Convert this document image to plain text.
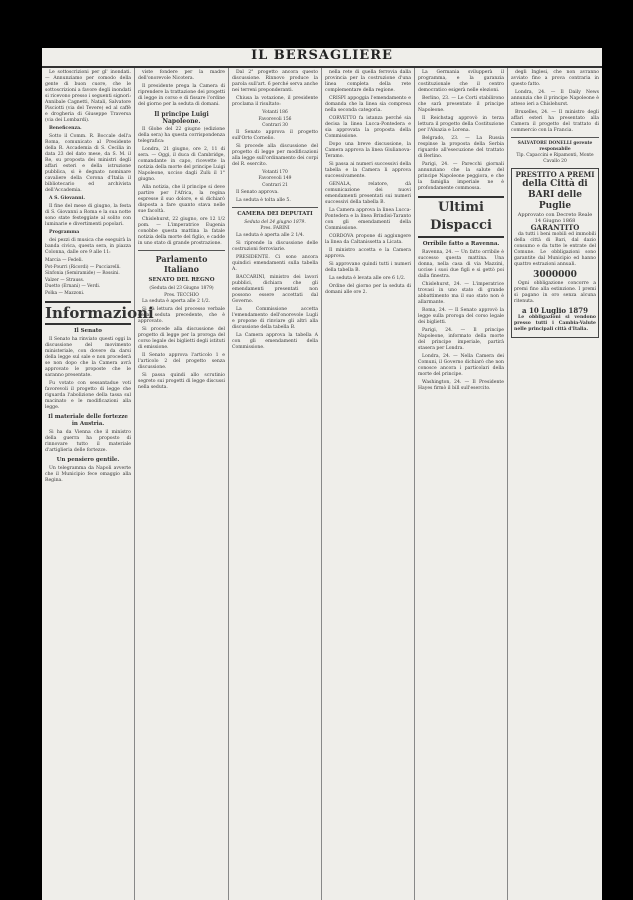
IL BERSAGLIERE

Le sottoscrizioni per gl' inondati. — Annunziamo per comodo della gente di buon cuore, che le sottoscrizioni a favore degli inondati si ricevono presso i seguenti signori: Annibale Cagnetti, Natali, Salvatore Pisciotti (via del Tevere) ed al caffè e drogheria di Giuseppe Traversa (via dei Lombardi).

Beneficenza.

Sotto il Comm. R. Boccale dell'a Roma, comunicato al Presidente della R. Accademia di S. Cecilia in data 23 del dato mese, da S. M. il Re, su proposta dei ministri degli affari esteri e della istruzione pubblica, si è degnato nominare cavaliere della Corona d'Italia il bibliotecario ed archivista dell'Accademia.

A S. Giovanni.

Il fine del mese di giugno, la festa di S. Giovanni a Roma e la sua notte sono state festeggiate al solito con luminarie e divertimenti popolari.

Programma

dei pezzi di musica che eseguirà la banda civica, questa sera, in piazza Colonna, dalle ore 9 alle 11:

Marcia — Fedeli.
Pot-Pourri (Ricordi) — Pucciarelli.
Sinfonia (Semiramide) — Rossini.
Valzer — Strauss.
Duetto (Ernani) — Verdi.
Polka — Mazzoni.
Informazioni
Il Senato

Il Senato ha rinviato questi oggi la discussione del movimento ministeriale, con dovere da darsi della legge sul sale e non procederà se non dopo che la Camera avrà approvato le proposte che le saranno presentate.

Fu votato con sessantadue voti favorevoli il progetto di legge che riguarda l'abolizione della tassa sul macinato e le modificazioni alla legge.

Il materiale delle fortezze in Austria.

Si ha da Vienna che il ministro della guerra ha proposto di rinnovare tutto il materiale d'artiglieria delle fortezze.

Un pensiero gentile.

Un telegramma da Napoli avverte che il Municipio fece omaggio alla Regina.

viste fondere per la madre dell'onorevole Nicotera.

Il presidente prega la Camera di riprendere la trattazione dei progetti di legge in corso e di fissare l'ordine del giorno per la seduta di domani.

Il principe Luigi Napoleone.

Il Globe del 22 giugno (edizione della sera) ha questa corrispondenza telegrafica:

Londra, 21 giugno, ore 2, 11 di sera. — Oggi, il duca di Cambridge, comandante in capo, ricevette la notizia della morte del principe Luigi Napoleone, ucciso dagli Zulù il 1° giugno.

Alla notizia, che il principe si deve partire per l'Africa, la regina espresse il suo dolore, e si dichiarò disposta a fare quanto stava nelle sue facoltà.

Chislehurst, 22 giugno, ore 12 1/2 pom. — L'imperatrice Eugenia conobbe questa mattina la fatale notizia della morte del figlio, e cadde in uno stato di grande prostrazione.

Parlamento Italiano
SENATO DEL REGNO
(Seduta del 23 Giugno 1879)
Pres. TECCHIO

La seduta è aperta alle 2 1/2.

Si dà lettura del processo verbale della seduta precedente, che è approvato.

Si procede alla discussione del progetto di legge per la proroga del corso legale dei biglietti degli istituti di emissione.

Il Senato approva l'articolo 1 e l'articolo 2 del progetto senza discussione.

Si passa quindi allo scrutinio segreto sui progetti di legge discussi nella seduta.

Dal 2° progetto ancora questo discussione. Rinnovo produce la parola sull'art. 6 perché serva anche nei terreni preponderanti.

Chiusa la votazione, il presidente proclama il risultato:

Votanti 186
Favorevoli 156
Contrari 30

Il Senato approva il progetto sull'Orto Cornelio.

Si procede alla discussione del progetto di legge per modificazioni alla legge sull'ordinamento dei corpi del R. esercito.

Votanti 170
Favorevoli 149
Contrari 21

Il Senato approva.

La seduta è tolta alle 5.

CAMERA DEI DEPUTATI
Seduta del 24 giugno 1879.
Pres. FARINI

La seduta è aperta alle 2 1/4.

Si riprende la discussione delle costruzioni ferroviarie.

PRESIDENTE. Ci sono ancora quindici emendamenti sulla tabella A.

BACCARINI, ministro dei lavori pubblici, dichiara che gli emendamenti presentati non possono essere accettati dal Governo.

La Commissione accetta l'emendamento dell'onorevole Lugli e propone di rinviare gli altri alla discussione della tabella B.

La Camera approva la tabella A con gli emendamenti della Commissione.

nella rete di quella ferrovia dalla provincia per la costruzione d'una linea completa della rete complementare della regione.

CRISPI appoggia l'emendamento e domanda che la linea sia compresa nella seconda categoria.

CORVETTO fa istanza perché sia decisa la linea Lucca-Pontedera e sia approvata la proposta della Commissione.

Dopo una breve discussione, la Camera approva la linea Giulianova-Teramo.

Si passa ai numeri successivi della tabella e la Camera li approva successivamente.

GENALA, relatore, dà comunicazione dei nuovi emendamenti presentati sui numeri successivi della tabella B.

La Camera approva la linea Lucca-Pontedera e la linea Brindisi-Taranto con gli emendamenti della Commissione.

CORDOVA propone di aggiungere la linea da Caltanissetta a Licata.

Il ministro accetta e la Camera approva.

Si approvano quindi tutti i numeri della tabella B.

La seduta è levata alle ore 6 1/2.

Ordine del giorno per la seduta di domani alle ore 2.

La Germania svilupperà il programma, e la garanzia costituzionale che il centro democratico esigerà nelle elezioni.

Berlino, 23. — Le Corti stabilirono che sarà presentato il principe Napoleone.

Il Reichstag approvò in terza lettura il progetto della Costituzione per l'Alsazia e Lorena.

Belgrado, 23. — La Russia respinse la proposta della Serbia riguardo all'esecuzione del trattato di Berlino.

Parigi, 24. — Parecchi giornali annunziano che la salute del principe Napoleone peggiora, e che la famiglia imperiale ne è profondamente commossa.

Ultimi Dispacci
Orribile fatto a Ravenna.

Ravenna, 24. — Un fatto orribile è successo questa mattina. Una donna, nella casa di via Mazzini, uccise i suoi due figli e si gettò poi dalla finestra.

Chislehurst, 24. — L'imperatrice trovasi in uno stato di grande abbattimento ma il suo stato non è allarmante.

Roma, 24. — Il Senato approvò la legge sulla proroga del corso legale dei biglietti.

Parigi, 24. — Il principe Napoleone, informato della morte del principe imperiale, partirà stasera per Londra.

Londra, 24. — Nella Camera dei Comuni, il Governo dichiarò che non conosce ancora i particolari della morte del principe.

Washington, 24. — Il Presidente Hayes firmò il bill sull'esercito.

degli Inglesi, che non avranno avviato fino a prova contraria in questo fatto.

Londra, 24. — Il Daily News annunzia che il principe Napoleone è atteso ieri a Chislehurst.

Bruxelles, 24. — Il ministro degli affari esteri ha presentato alla Camera il progetto del trattato di commercio con la Francia.

SALVATORE DONELLI gerente responsabile
Tip. Capaccini e Ripamonti, Monte Cavallo 20
PRESTITO A PREMI
della Città di BARI delle Puglie
Approvato con Decreto Reale 14 Giugno 1868
GARANTITO

da tutti i beni mobili ed immobili della città di Bari, dal dazio consumo e da tutte le entrate del Comune. Le obbligazioni sono garantite dal Municipio ed hanno quattro estrazioni annuali.

3000000

Ogni obbligazione concorre a premi fino alla estinzione. I premi si pagano in oro senza alcuna ritenuta.

a 10 Luglio 1879

Le obbligazioni si vendono presso tutti i Cambia-Valute nelle principali città d'Italia.
